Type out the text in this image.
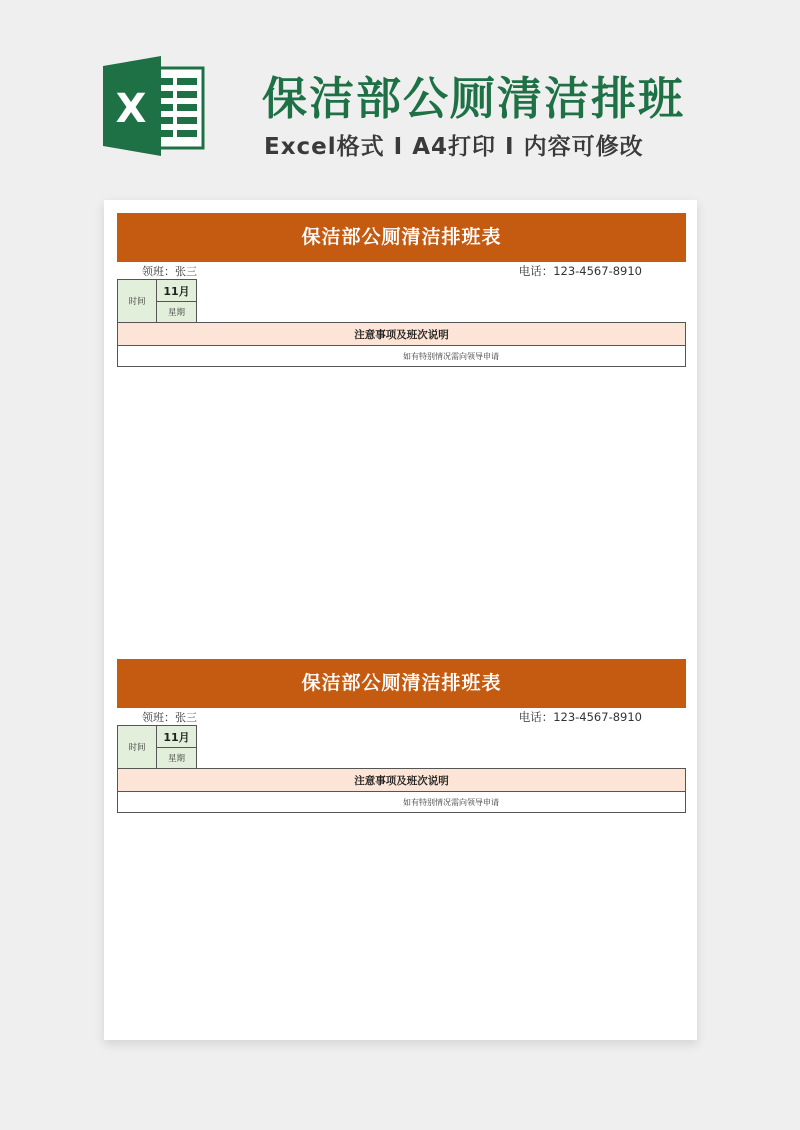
X	保洁部公厕清洁排班
Excel格式 I A4打印 I 内容可修改
保洁部公厕清洁排班表
领班：张三	电话：123-4567-8910
时间	11月
星期
注意事项及班次说明
如有特别情况需向领导申请
保洁部公厕清洁排班表
领班：张三	电话：123-4567-8910
时间	11月
星期
注意事项及班次说明
如有特别情况需向领导申请
